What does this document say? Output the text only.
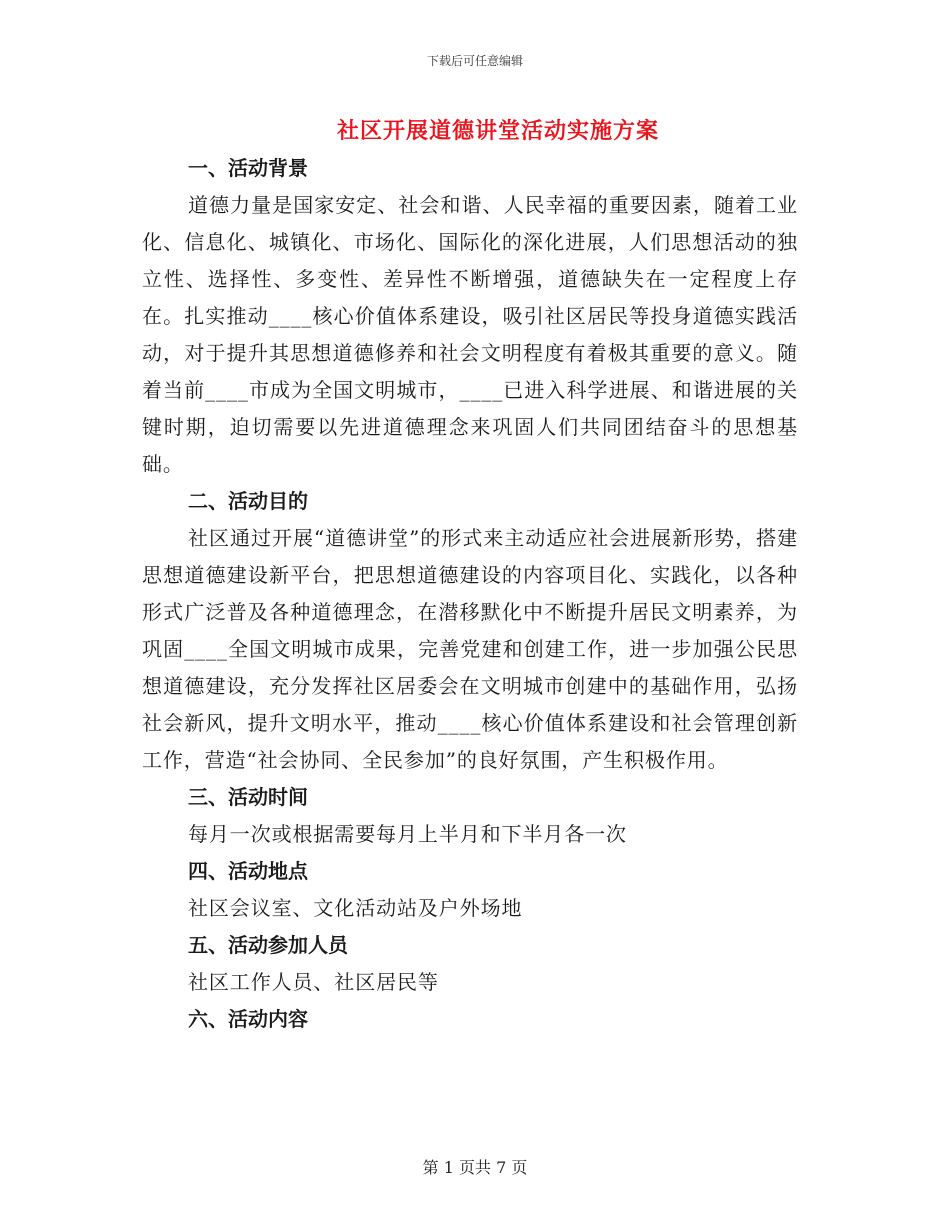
下载后可任意编辑
社区开展道德讲堂活动实施方案

一、活动背景

道德力量是国家安定、社会和谐、人民幸福的重要因素，随着工业化、信息化、城镇化、市场化、国际化的深化进展，人们思想活动的独立性、选择性、多变性、差异性不断增强，道德缺失在一定程度上存在。扎实推动____核心价值体系建设，吸引社区居民等投身道德实践活动，对于提升其思想道德修养和社会文明程度有着极其重要的意义。随着当前____市成为全国文明城市，____已进入科学进展、和谐进展的关键时期，迫切需要以先进道德理念来巩固人们共同团结奋斗的思想基础。

二、活动目的

社区通过开展“道德讲堂”的形式来主动适应社会进展新形势，搭建思想道德建设新平台，把思想道德建设的内容项目化、实践化，以各种形式广泛普及各种道德理念，在潜移默化中不断提升居民文明素养，为巩固____全国文明城市成果，完善党建和创建工作，进一步加强公民思想道德建设，充分发挥社区居委会在文明城市创建中的基础作用，弘扬社会新风，提升文明水平，推动____核心价值体系建设和社会管理创新工作，营造“社会协同、全民参加”的良好氛围，产生积极作用。

三、活动时间

每月一次或根据需要每月上半月和下半月各一次

四、活动地点

社区会议室、文化活动站及户外场地

五、活动参加人员

社区工作人员、社区居民等

六、活动内容

第 1 页共 7 页
